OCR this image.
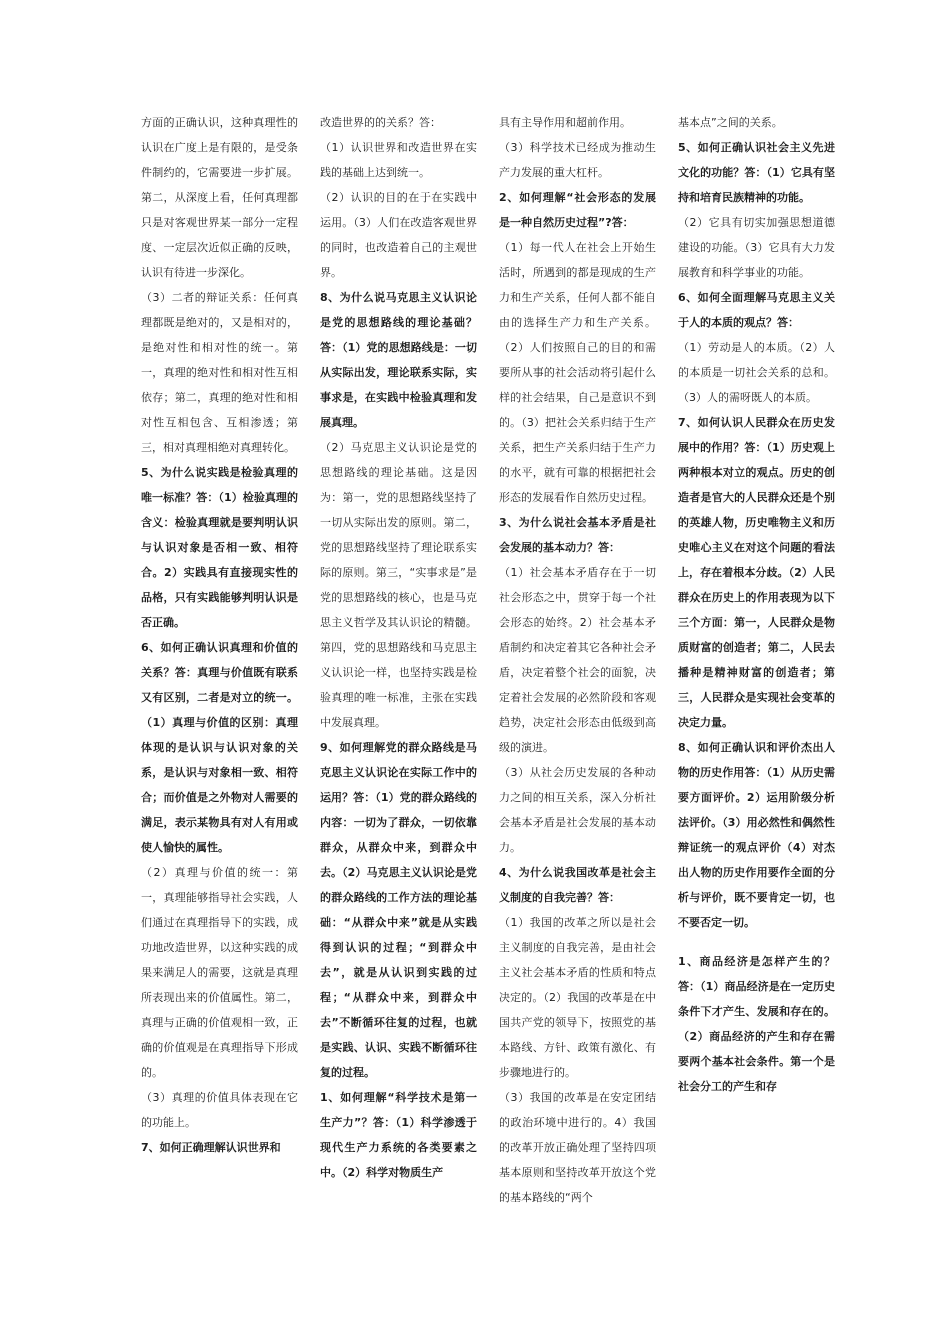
方面的正确认识，这种真理性的认识在广度上是有限的，是受条件制约的，它需要进一步扩展。第二，从深度上看，任何真理都只是对客观世界某一部分一定程度、一定层次近似正确的反映，认识有待进一步深化。

（3）二者的辩证关系：任何真理都既是绝对的，又是相对的，是绝对性和相对性的统一。第一，真理的绝对性和相对性互相依存；第二，真理的绝对性和相对性互相包含、互相渗透；第三，相对真理相绝对真理转化。

5、为什么说实践是检验真理的唯一标准？答：（1）检验真理的含义：检验真理就是要判明认识与认识对象是否相一致、相符合。2）实践具有直接现实性的品格，只有实践能够判明认识是否正确。

6、如何正确认识真理和价值的关系？答：真理与价值既有联系又有区别，二者是对立的统一。（1）真理与价值的区别：真理体现的是认识与认识对象的关系，是认识与对象相一致、相符合；而价值是之外物对人需要的满足，表示某物具有对人有用或使人愉快的属性。

（2）真理与价值的统一：第一，真理能够指导社会实践，人们通过在真理指导下的实践，成功地改造世界，以这种实践的成果来满足人的需要，这就是真理所表现出来的价值属性。第二，真理与正确的价值观相一致，正确的价值观是在真理指导下形成的。

（3）真理的价值具体表现在它的功能上。

7、如何正确理解认识世界和

改造世界的的关系？答：

（1）认识世界和改造世界在实践的基础上达到统一。

（2）认识的目的在于在实践中运用。（3）人们在改造客观世界的同时，也改造着自己的主观世界。

8、为什么说马克思主义认识论是党的思想路线的理论基础？答：（1）党的思想路线是：一切从实际出发，理论联系实际，实事求是，在实践中检验真理和发展真理。

（2）马克思主义认识论是党的思想路线的理论基础。这是因为：第一，党的思想路线坚持了一切从实际出发的原则。第二，党的思想路线坚持了理论联系实际的原则。第三，“实事求是”是党的思想路线的核心，也是马克思主义哲学及其认识论的精髓。第四，党的思想路线和马克思主义认识论一样，也坚持实践是检验真理的唯一标准，主张在实践中发展真理。

9、如何理解党的群众路线是马克思主义认识论在实际工作中的运用？答：（1）党的群众路线的内容：一切为了群众，一切依靠群众，从群众中来，到群众中去。（2）马克思主义认识论是党的群众路线的工作方法的理论基础：“从群众中来”就是从实践得到认识的过程；“到群众中去”，就是从认识到实践的过程；“从群众中来，到群众中去”不断循环往复的过程，也就是实践、认识、实践不断循环往复的过程。

1、如何理解“科学技术是第一生产力”？答：（1）科学渗透于现代生产力系统的各类要素之中。（2）科学对物质生产

具有主导作用和超前作用。

（3）科学技术已经成为推动生产力发展的重大杠杆。

2、如何理解“社会形态的发展是一种自然历史过程”?答：

（1）每一代人在社会上开始生活时，所遇到的都是现成的生产力和生产关系，任何人都不能自由的选择生产力和生产关系。（2）人们按照自己的目的和需要所从事的社会活动将引起什么样的社会结果，自己是意识不到的。（3）把社会关系归结于生产关系，把生产关系归结于生产力的水平，就有可靠的根据把社会形态的发展看作自然历史过程。

3、为什么说社会基本矛盾是社会发展的基本动力？答：

（1）社会基本矛盾存在于一切社会形态之中，贯穿于每一个社会形态的始终。2）社会基本矛盾制约和决定着其它各种社会矛盾，决定着整个社会的面貌，决定着社会发展的必然阶段和客观趋势，决定社会形态由低级到高级的演进。

（3）从社会历史发展的各种动力之间的相互关系，深入分析社会基本矛盾是社会发展的基本动力。

4、为什么说我国改革是社会主义制度的自我完善？答：

（1）我国的改革之所以是社会主义制度的自我完善，是由社会主义社会基本矛盾的性质和特点决定的。（2）我国的改革是在中国共产党的领导下，按照党的基本路线、方针、政策有激化、有步骤地进行的。

（3）我国的改革是在安定团结的政治环境中进行的。4）我国的改革开放正确处理了坚持四项基本原则和坚持改革开放这个党的基本路线的“两个

基本点”之间的关系。

5、如何正确认识社会主义先进文化的功能？答：（1）它具有坚持和培育民族精神的功能。

（2）它具有切实加强思想道德建设的功能。（3）它具有大力发展教育和科学事业的功能。

6、如何全面理解马克思主义关于人的本质的观点？答：

（1）劳动是人的本质。（2）人的本质是一切社会关系的总和。（3）人的需呀既人的本质。

7、如何认识人民群众在历史发展中的作用？答：（1）历史观上两种根本对立的观点。历史的创造者是官大的人民群众还是个别的英雄人物，历史唯物主义和历史唯心主义在对这个问题的看法上，存在着根本分歧。（2）人民群众在历史上的作用表现为以下三个方面：第一，人民群众是物质财富的创造者；第二，人民去播种是精神财富的创造者；第三，人民群众是实现社会变革的决定力量。

8、如何正确认识和评价杰出人物的历史作用答：（1）从历史需要方面评价。2）运用阶级分析法评价。（3）用必然性和偶然性辩证统一的观点评价（4）对杰出人物的历史作用要作全面的分析与评价，既不要肯定一切，也不要否定一切。

1、商品经济是怎样产生的？答：（1）商品经济是在一定历史条件下才产生、发展和存在的。（2）商品经济的产生和存在需要两个基本社会条件。第一个是社会分工的产生和存
